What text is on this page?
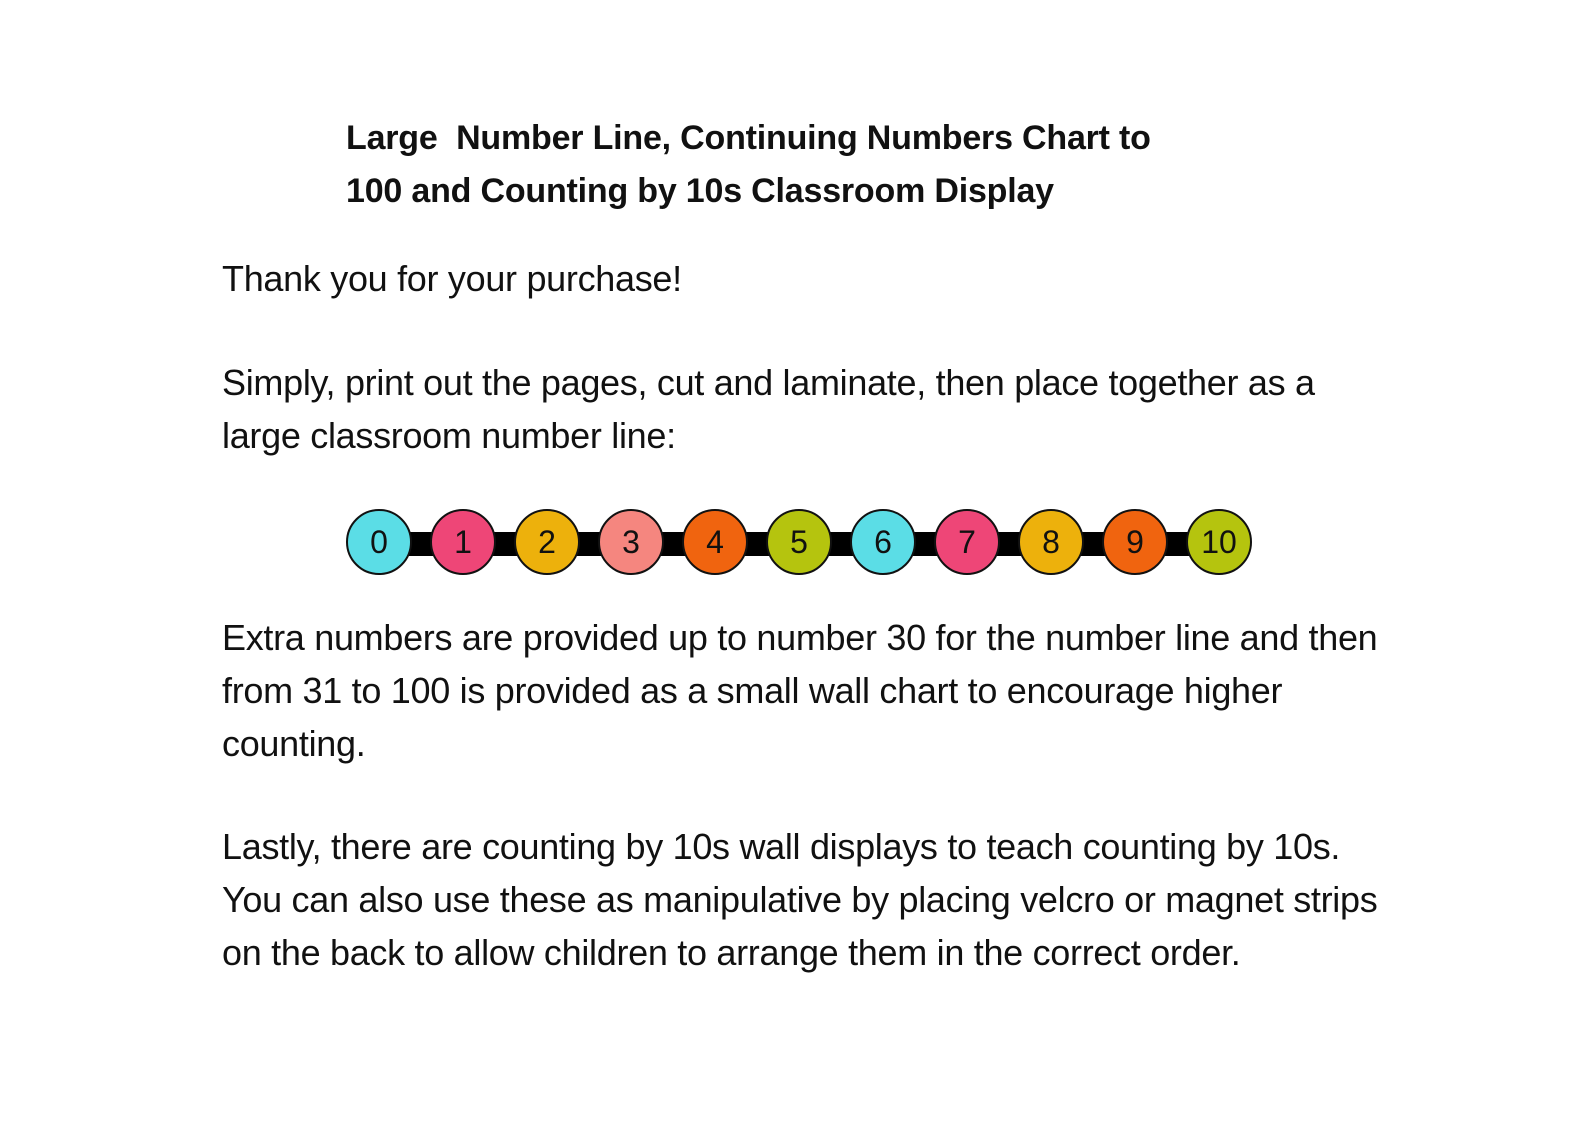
Large  Number Line, Continuing Numbers Chart to
100 and Counting by 10s Classroom Display

Thank you for your purchase!

Simply, print out the pages, cut and laminate, then place together as a
large classroom number line:

0	1	2	3	4	5	6	7	8	9	10

Extra numbers are provided up to number 30 for the number line and then
from 31 to 100 is provided as a small wall chart to encourage higher
counting.

Lastly, there are counting by 10s wall displays to teach counting by 10s.
You can also use these as manipulative by placing velcro or magnet strips
on the back to allow children to arrange them in the correct order.
